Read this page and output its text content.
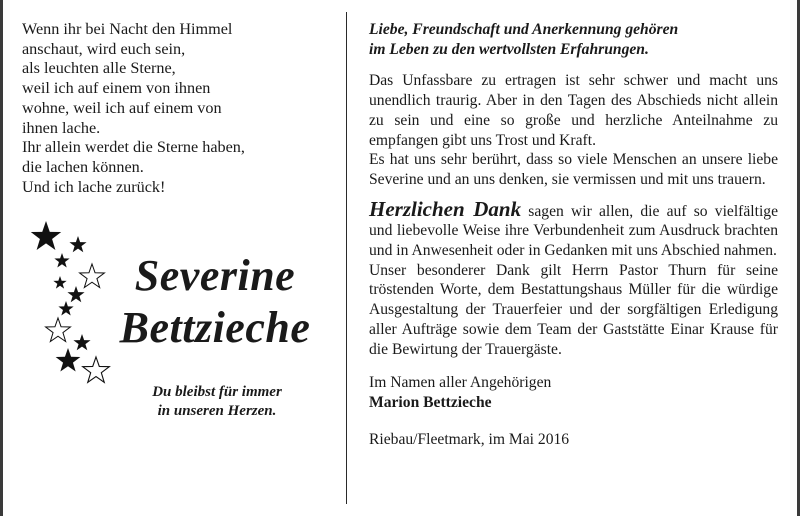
Wenn ihr bei Nacht den Himmel
anschaut, wird euch sein,
als leuchten alle Sterne,
weil ich auf einem von ihnen
wohne, weil ich auf einem von
ihnen lache.
Ihr allein werdet die Sterne haben,
die lachen können.
Und ich lache zurück!
Severine
Bettzieche
Du bleibst für immer
in unseren Herzen.
Liebe, Freundschaft und Anerkennung gehören
im Leben zu den wertvollsten Erfahrungen.
Das Unfassbare zu ertragen ist sehr schwer und macht uns unendlich traurig. Aber in den Tagen des Abschieds nicht allein zu sein und eine so große und herzliche Anteilnahme zu empfangen gibt uns Trost und Kraft.
Es hat uns sehr berührt, dass so viele Menschen an unsere liebe Severine und an uns denken, sie vermissen und mit uns trauern.
Herzlichen Dank sagen wir allen, die auf so vielfältige und liebevolle Weise ihre Verbundenheit zum Ausdruck brachten und in Anwesenheit oder in Gedanken mit uns Abschied nahmen.
Unser besonderer Dank gilt Herrn Pastor Thurn für seine tröstenden Worte, dem Bestattungshaus Müller für die würdige Ausgestaltung der Trauerfeier und der sorgfältigen Erledigung aller Aufträge sowie dem Team der Gaststätte Einar Krause für die Bewirtung der Trauergäste.
Im Namen aller Angehörigen
Marion Bettzieche
Riebau/Fleetmark, im Mai 2016
